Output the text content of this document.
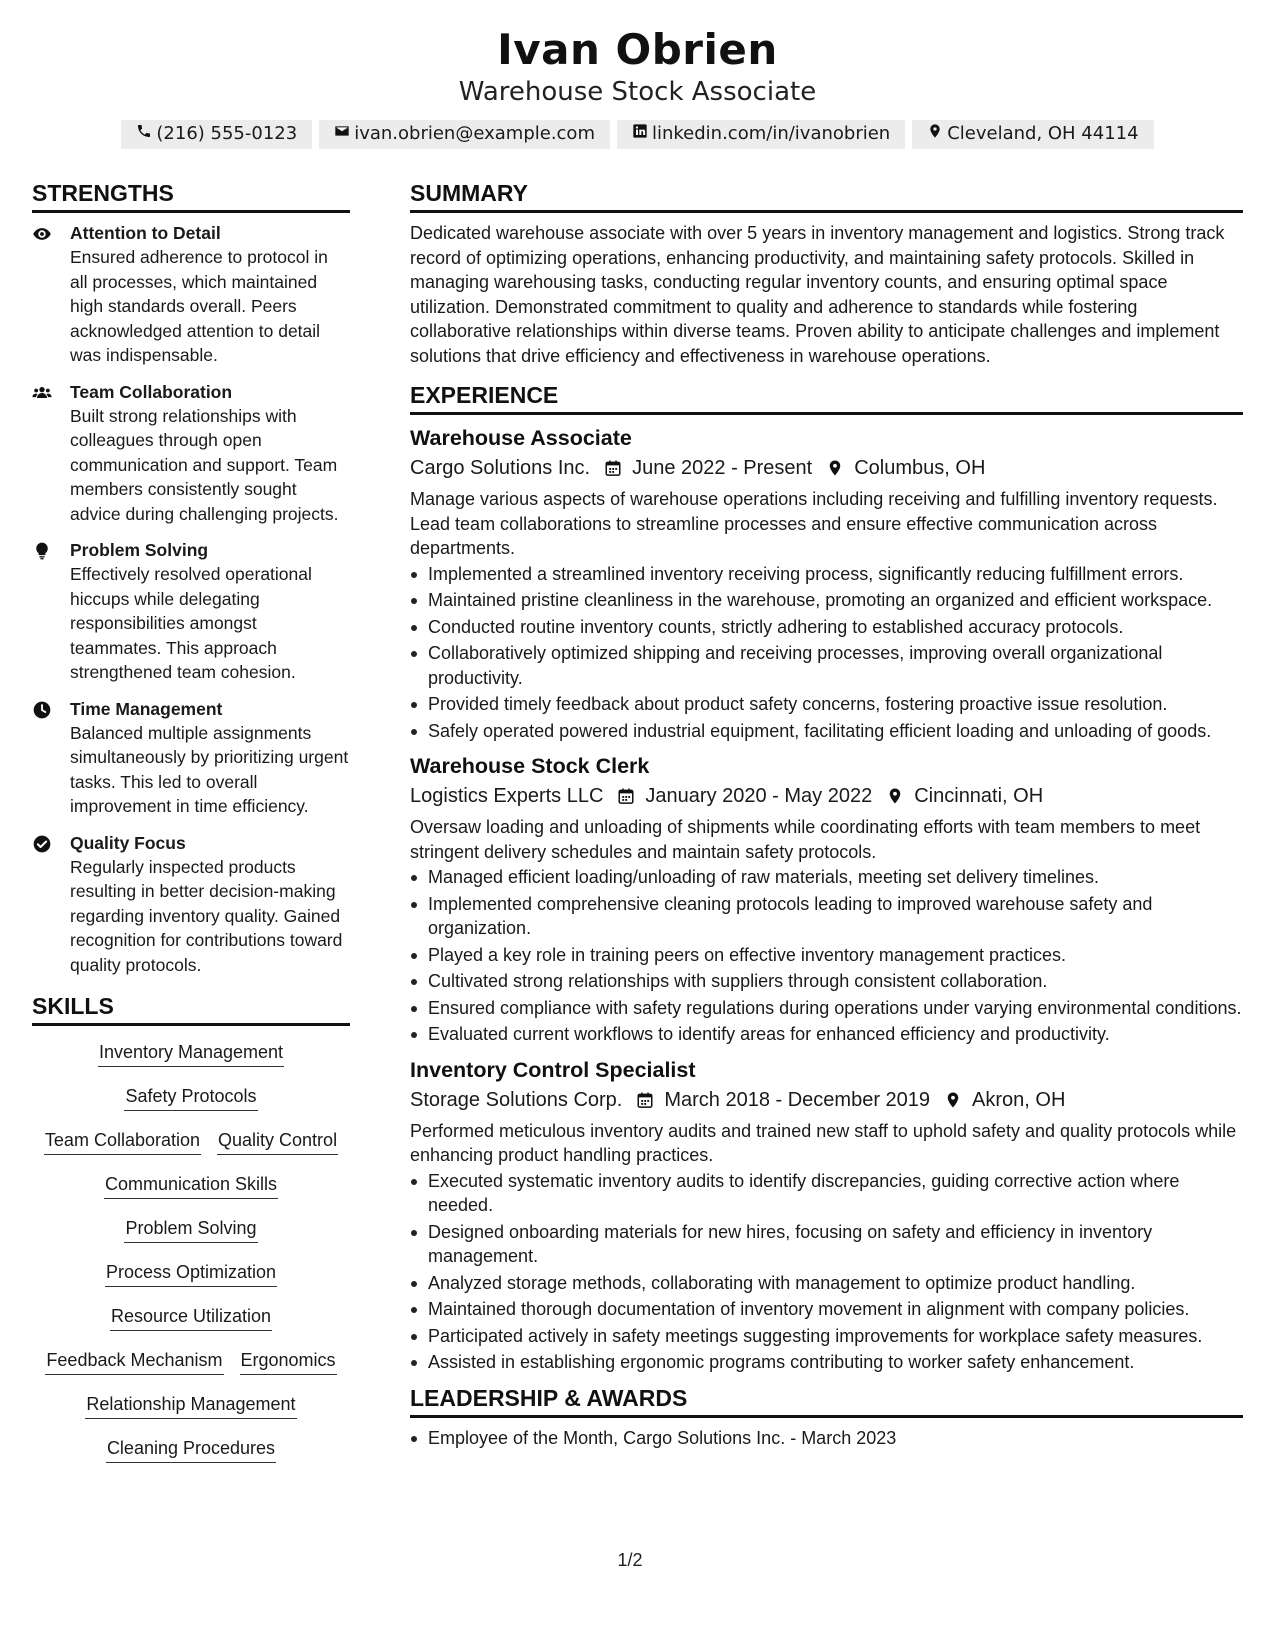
Ivan Obrien
Warehouse Stock Associate
(216) 555-0123	ivan.obrien@example.com	linkedin.com/in/ivanobrien	Cleveland, OH 44114
STRENGTHS
Attention to Detail
Ensured adherence to protocol in all processes, which maintained high standards overall. Peers acknowledged attention to detail was indispensable.
Team Collaboration
Built strong relationships with colleagues through open communication and support. Team members consistently sought advice during challenging projects.
Problem Solving
Effectively resolved operational hiccups while delegating responsibilities amongst teammates. This approach strengthened team cohesion.
Time Management
Balanced multiple assignments simultaneously by prioritizing urgent tasks. This led to overall improvement in time efficiency.
Quality Focus
Regularly inspected products resulting in better decision-making regarding inventory quality. Gained recognition for contributions toward quality protocols.
SKILLS
Inventory Management
Safety Protocols
Team Collaboration Quality Control
Communication Skills
Problem Solving
Process Optimization
Resource Utilization
Feedback Mechanism Ergonomics
Relationship Management
Cleaning Procedures
SUMMARY
Dedicated warehouse associate with over 5 years in inventory management and logistics. Strong track record of optimizing operations, enhancing productivity, and maintaining safety protocols. Skilled in managing warehousing tasks, conducting regular inventory counts, and ensuring optimal space utilization. Demonstrated commitment to quality and adherence to standards while fostering collaborative relationships within diverse teams. Proven ability to anticipate challenges and implement solutions that drive efficiency and effectiveness in warehouse operations.
EXPERIENCE
Warehouse Associate
Cargo Solutions Inc. June 2022 - Present Columbus, OH
Manage various aspects of warehouse operations including receiving and fulfilling inventory requests. Lead team collaborations to streamline processes and ensure effective communication across departments.
Implemented a streamlined inventory receiving process, significantly reducing fulfillment errors.
Maintained pristine cleanliness in the warehouse, promoting an organized and efficient workspace.
Conducted routine inventory counts, strictly adhering to established accuracy protocols.
Collaboratively optimized shipping and receiving processes, improving overall organizational productivity.
Provided timely feedback about product safety concerns, fostering proactive issue resolution.
Safely operated powered industrial equipment, facilitating efficient loading and unloading of goods.
Warehouse Stock Clerk
Logistics Experts LLC January 2020 - May 2022 Cincinnati, OH
Oversaw loading and unloading of shipments while coordinating efforts with team members to meet stringent delivery schedules and maintain safety protocols.
Managed efficient loading/unloading of raw materials, meeting set delivery timelines.
Implemented comprehensive cleaning protocols leading to improved warehouse safety and organization.
Played a key role in training peers on effective inventory management practices.
Cultivated strong relationships with suppliers through consistent collaboration.
Ensured compliance with safety regulations during operations under varying environmental conditions.
Evaluated current workflows to identify areas for enhanced efficiency and productivity.
Inventory Control Specialist
Storage Solutions Corp. March 2018 - December 2019 Akron, OH
Performed meticulous inventory audits and trained new staff to uphold safety and quality protocols while enhancing product handling practices.
Executed systematic inventory audits to identify discrepancies, guiding corrective action where needed.
Designed onboarding materials for new hires, focusing on safety and efficiency in inventory management.
Analyzed storage methods, collaborating with management to optimize product handling.
Maintained thorough documentation of inventory movement in alignment with company policies.
Participated actively in safety meetings suggesting improvements for workplace safety measures.
Assisted in establishing ergonomic programs contributing to worker safety enhancement.
LEADERSHIP & AWARDS
Employee of the Month, Cargo Solutions Inc. - March 2023
1/2
